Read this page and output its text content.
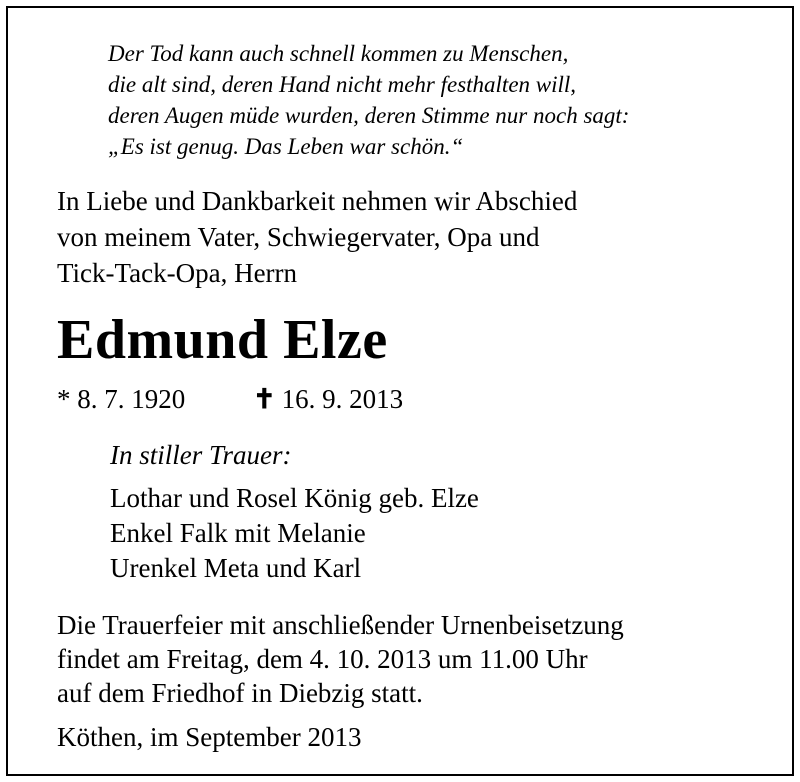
Der Tod kann auch schnell kommen zu Menschen,
die alt sind, deren Hand nicht mehr festhalten will,
deren Augen müde wurden, deren Stimme nur noch sagt:
„Es ist genug. Das Leben war schön.“
In Liebe und Dankbarkeit nehmen wir Abschied
von meinem Vater, Schwiegervater, Opa und
Tick-Tack-Opa, Herrn
Edmund Elze
* 8. 7. 1920	✝ 16. 9. 2013
In stiller Trauer:
Lothar und Rosel König geb. Elze
Enkel Falk mit Melanie
Urenkel Meta und Karl
Die Trauerfeier mit anschließender Urnenbeisetzung
findet am Freitag, dem 4. 10. 2013 um 11.00 Uhr
auf dem Friedhof in Diebzig statt.
Köthen, im September 2013
